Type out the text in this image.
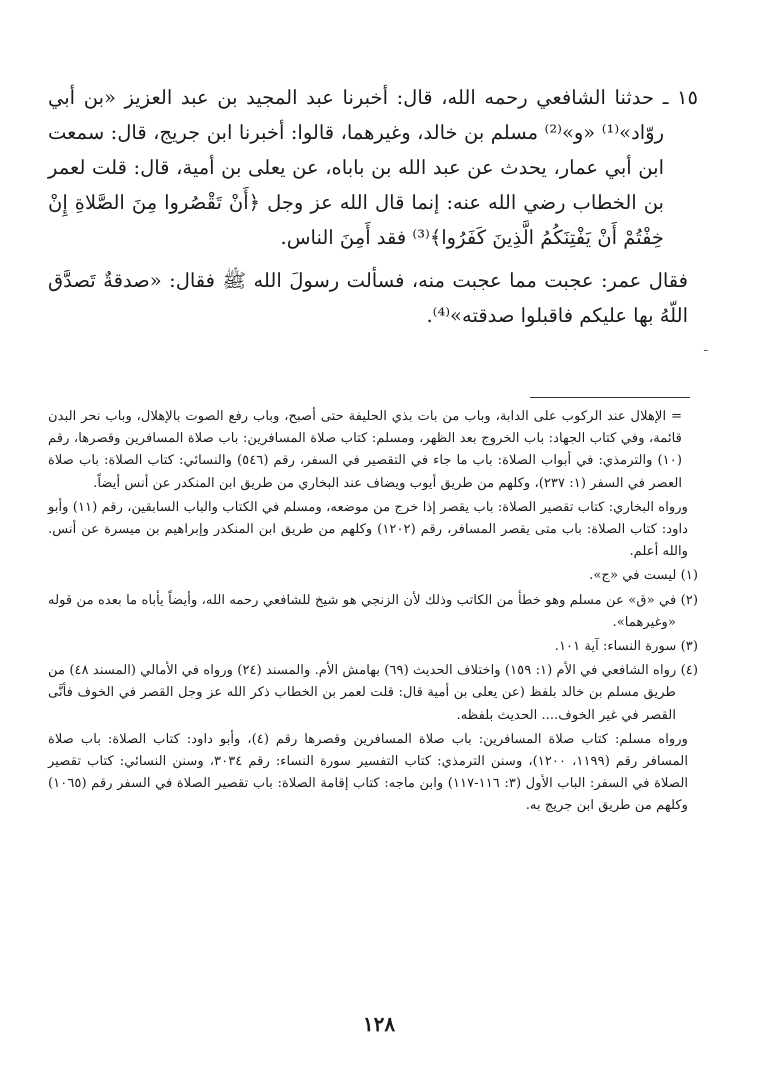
١٥ ـ حدثنا الشافعي رحمه الله، قال: أخبرنا عبد المجيد بن عبد العزيز «بن أبي روّاد»⁽¹⁾ «و»⁽²⁾ مسلم بن خالد، وغيرهما، قالوا: أخبرنا ابن جريج، قال: سمعت ابن أبي عمار، يحدث عن عبد الله بن باباه، عن يعلى بن أمية، قال: قلت لعمر بن الخطاب رضي الله عنه: إنما قال الله عز وجل ﴿أَنْ تَقْصُروا مِنَ الصَّلاةِ إِنْ خِفْتُمْ أَنْ يَفْتِنَكُمُ الَّذِينَ كَفَرُوا﴾⁽³⁾ فقد أَمِنَ الناس.

فقال عمر: عجبت مما عجبت منه، فسألت رسولَ الله ﷺ فقال: «صدقةٌ تَصدَّق اللّهُ بها عليكم فاقبلوا صدقته»⁽⁴⁾.

ـ

= الإهلال عند الركوب على الدابة، وباب من بات بذي الحليفة حتى أصبح، وباب رفع الصوت بالإهلال، وباب نحر البدن قائمة، وفي كتاب الجهاد: باب الخروج بعد الظهر، ومسلم: كتاب صلاة المسافرين: باب صلاة المسافرين وقصرها، رقم (١٠) والترمذي: في أبواب الصلاة: باب ما جاء في التقصير في السفر، رقم (٥٤٦) والنسائي: كتاب الصلاة: باب صلاة العصر في السفر (١: ٢٣٧)، وكلهم من طريق أيوب ويضاف عند البخاري من طريق ابن المنكدر عن أنس أيضاً.

ورواه البخاري: كتاب تقصير الصلاة: باب يقصر إذا خرج من موضعه، ومسلم في الكتاب والباب السابقين، رقم (١١) وأبو داود: كتاب الصلاة: باب متى يقصر المسافر، رقم (١٢٠٢) وكلهم من طريق ابن المنكدر وإبراهيم بن ميسرة عن أنس. والله أعلم.

(١) ليست في «ج».

(٢) في «ق» عن مسلم وهو خطأ من الكاتب وذلك لأن الزنجي هو شيخ للشافعي رحمه الله، وأيضاً يأباه ما بعده من قوله «وغيرهما».

(٣) سورة النساء: آية ١٠١.

(٤) رواه الشافعي في الأم (١: ١٥٩) واختلاف الحديث (٦٩) بهامش الأم. والمسند (٢٤) ورواه في الأمالي (المسند ٤٨) من طريق مسلم بن خالد بلفظ (عن يعلى بن أمية قال: قلت لعمر بن الخطاب ذكر الله عز وجل القصر في الخوف فأنَّى القصر في غير الخوف.... الحديث بلفظه.

ورواه مسلم: كتاب صلاة المسافرين: باب صلاة المسافرين وقصرها رقم (٤)، وأبو داود: كتاب الصلاة: باب صلاة المسافر رقم (١١٩٩، ١٢٠٠)، وسنن الترمذي: كتاب التفسير سورة النساء: رقم ٣٠٣٤، وسنن النسائي: كتاب تقصير الصلاة في السفر: الباب الأول (٣: ١١٦-١١٧) وابن ماجه: كتاب إقامة الصلاة: باب تقصير الصلاة في السفر رقم (١٠٦٥) وكلهم من طريق ابن جريج به.

١٢٨
